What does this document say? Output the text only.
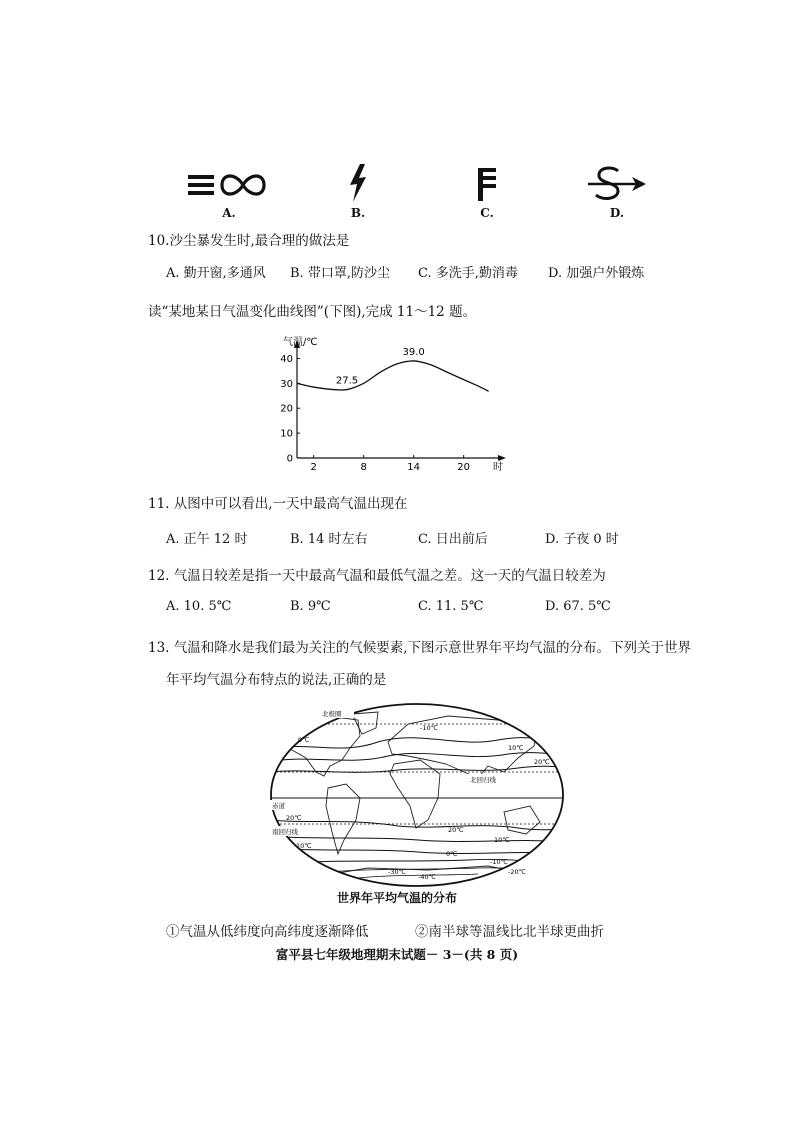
A.	B.	C.	D.
10.沙尘暴发生时,最合理的做法是
A. 勤开窗,多通风 B. 带口罩,防沙尘 C. 多洗手,勤消毒 D. 加强户外锻炼
读“某地某日气温变化曲线图”(下图),完成 11～12 题。
气温/℃
时
2	8	14	20
0
10
20
30
40
27.5
39.0
11. 从图中可以看出,一天中最高气温出现在
A. 正午 12 时	B. 14 时左右	C. 日出前后	D. 子夜 0 时
12. 气温日较差是指一天中最高气温和最低气温之差。这一天的气温日较差为
A. 10. 5℃	B. 9℃	C. 11. 5℃	D. 67. 5℃
13. 气温和降水是我们最为关注的气候要素,下图示意世界年平均气温的分布。下列关于世界
年平均气温分布特点的说法,正确的是
北极圈
北回归线
赤道
南回归线
0℃
10℃
20℃
-10℃
20℃
20℃
10℃
10℃
0℃
-10℃
-20℃
-30℃
-40℃
世界年平均气温的分布
①气温从低纬度向高纬度逐渐降低	②南半球等温线比北半球更曲折
富平县七年级地理期末试题－ 3－(共 8 页)
